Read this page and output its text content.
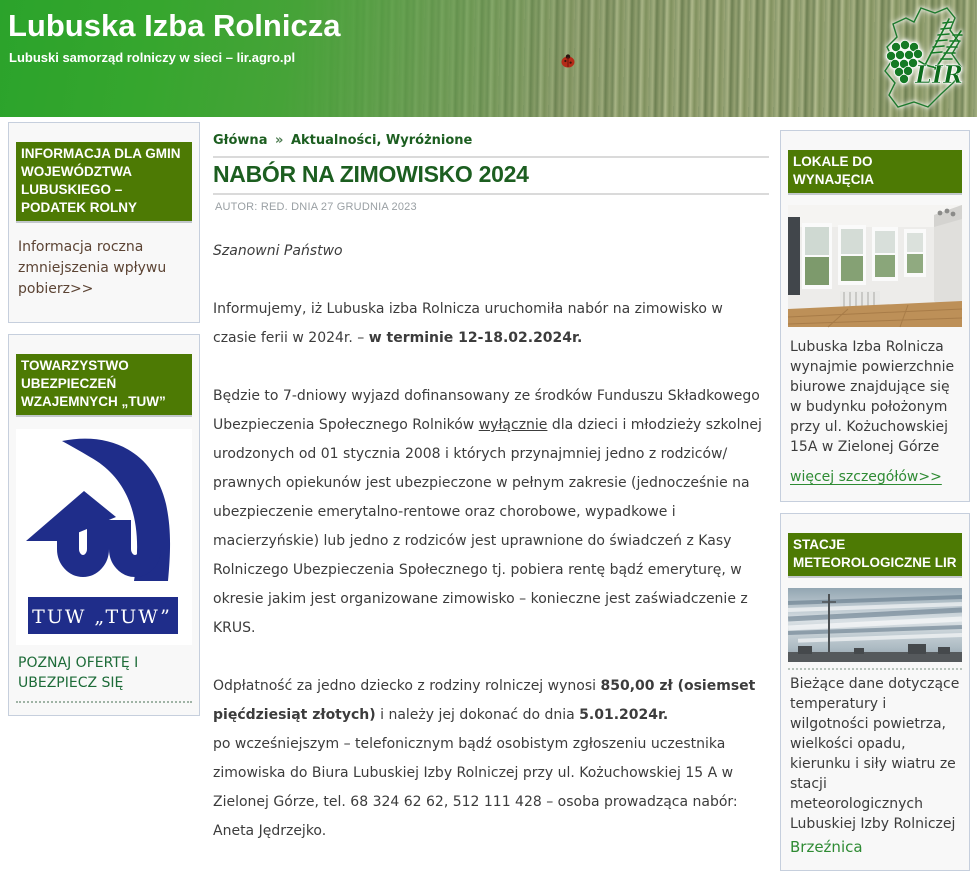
Lubuska Izba Rolnicza
Lubuski samorząd rolniczy w sieci – lir.agro.pl
LIR
INFORMACJA DLA GMIN WOJEWÓDZTWA LUBUSKIEGO – PODATEK ROLNY
Informacja roczna zmniejszenia wpływu pobierz>>
TOWARZYSTWO UBEZPIECZEŃ WZAJEMNYCH „TUW”
TUW „TUW”
POZNAJ OFERTĘ I UBEZPIECZ SIĘ
Główna » Aktualności, Wyróżnione
NABÓR NA ZIMOWISKO 2024
AUTOR: RED. DNIA 27 GRUDNIA 2023

Szanowni Państwo

Informujemy, iż Lubuska izba Rolnicza uruchomiła nabór na zimowisko w czasie ferii w 2024r. – w terminie 12-18.02.2024r.

Będzie to 7-dniowy wyjazd dofinansowany ze środków Funduszu Składkowego Ubezpieczenia Społecznego Rolników wyłącznie dla dzieci i młodzieży szkolnej urodzonych od 01 stycznia 2008 i których przynajmniej jedno z rodziców/ prawnych opiekunów jest ubezpieczone w pełnym zakresie (jednocześnie na ubezpieczenie emerytalno-rentowe oraz chorobowe, wypadkowe i macierzyńskie) lub jedno z rodziców jest uprawnione do świadczeń z Kasy Rolniczego Ubezpieczenia Społecznego tj. pobiera rentę bądź emeryturę, w okresie jakim jest organizowane zimowisko – konieczne jest zaświadczenie z KRUS.

Odpłatność za jedno dziecko z rodziny rolniczej wynosi 850,00 zł (osiemset pięćdziesiąt złotych) i należy jej dokonać do dnia 5.01.2024r.
po wcześniejszym – telefonicznym bądź osobistym zgłoszeniu uczestnika zimowiska do Biura Lubuskiej Izby Rolniczej przy ul. Kożuchowskiej 15 A w Zielonej Górze, tel. 68 324 62 62, 512 111 428 – osoba prowadząca nabór: Aneta Jędrzejko.

LOKALE DO WYNAJĘCIA

Lubuska Izba Rolnicza wynajmie powierzchnie biurowe znajdujące się w budynku położonym przy ul. Kożuchowskiej 15A w Zielonej Górze

więcej szczegółów>>
STACJE METEOROLOGICZNE LIR

Bieżące dane dotyczące temperatury i wilgotności powietrza, wielkości opadu, kierunku i siły wiatru ze stacji meteorologicznych Lubuskiej Izby Rolniczej

Brzeźnica
